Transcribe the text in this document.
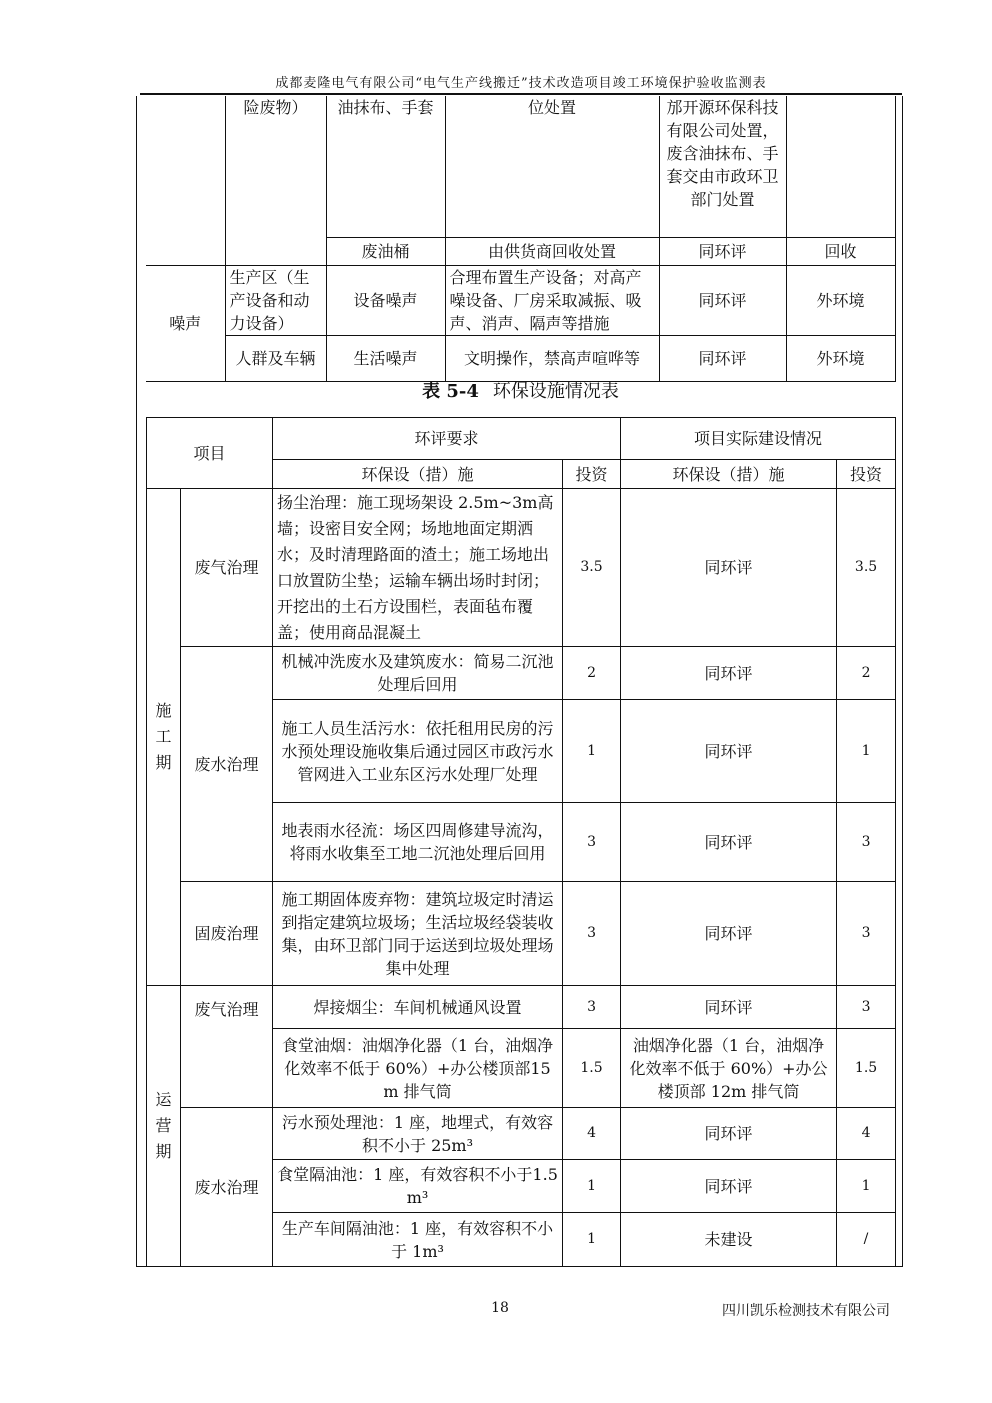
成都麦隆电气有限公司“电气生产线搬迁”技术改造项目竣工环境保护验收监测表
	险废物）	油抹布、手套	位处置	邡开源环保科技有限公司处置，废含油抹布、手套交由市政环卫部门处置	
		废油桶	由供货商回收处置	同环评	回收
噪声	生产区（生产设备和动力设备）	设备噪声	合理布置生产设备；对高产噪设备、厂房采取减振、吸声、消声、隔声等措施	同环评	外环境
	人群及车辆	生活噪声	文明操作，禁高声喧哗等	同环评	外环境
表 5-4 环保设施情况表
项目		环评要求		项目实际建设情况	
		环保设（措）施	投资	环保设（措）施	投资
施工期	废气治理	扬尘治理：施工现场架设 2.5m~3m高墙；设密目安全网；场地地面定期洒水；及时清理路面的渣土；施工场地出口放置防尘垫；运输车辆出场时封闭；开挖出的土石方设围栏，表面毡布覆盖；使用商品混凝土	3.5	同环评	3.5
	废水治理	机械冲洗废水及建筑废水：简易二沉池处理后回用	2	同环评	2
		施工人员生活污水：依托租用民房的污水预处理设施收集后通过园区市政污水管网进入工业东区污水处理厂处理	1	同环评	1
		地表雨水径流：场区四周修建导流沟，将雨水收集至工地二沉池处理后回用	3	同环评	3
	固废治理	施工期固体废弃物：建筑垃圾定时清运到指定建筑垃圾场；生活垃圾经袋装收集，由环卫部门同于运送到垃圾处理场集中处理	3	同环评	3
运营期	废气治理	焊接烟尘：车间机械通风设置	3	同环评	3
		食堂油烟：油烟净化器（1 台，油烟净化效率不低于 60%）+办公楼顶部15m 排气筒	1.5	油烟净化器（1 台，油烟净化效率不低于 60%）+办公楼顶部 12m 排气筒	1.5
	废水治理	污水预处理池：1 座，地埋式，有效容积不小于 25m³	4	同环评	4
		食堂隔油池：1 座，有效容积不小于1.5m³	1	同环评	1
		生产车间隔油池：1 座，有效容积不小于 1m³	1	未建设	/
18	四川凯乐检测技术有限公司
